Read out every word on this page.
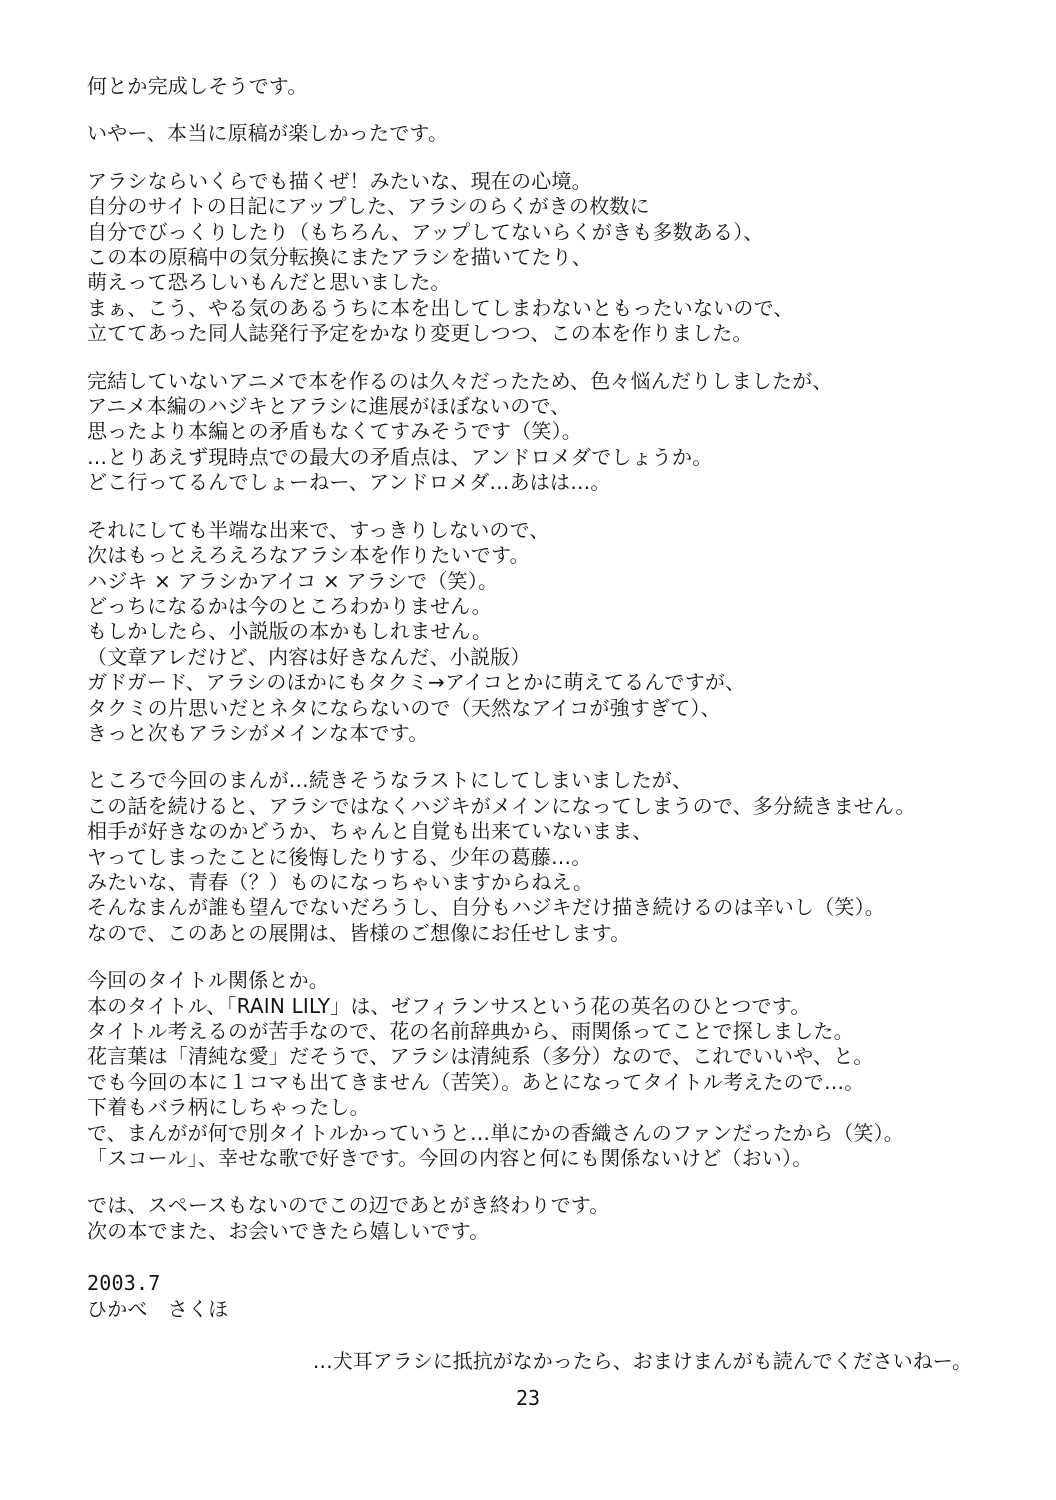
何とか完成しそうです。
いやー、本当に原稿が楽しかったです。
アラシならいくらでも描くぜ！みたいな、現在の心境。
自分のサイトの日記にアップした、アラシのらくがきの枚数に
自分でびっくりしたり（もちろん、アップしてないらくがきも多数ある）、
この本の原稿中の気分転換にまたアラシを描いてたり、
萌えって恐ろしいもんだと思いました。
まぁ、こう、やる気のあるうちに本を出してしまわないともったいないので、
立ててあった同人誌発行予定をかなり変更しつつ、この本を作りました。
完結していないアニメで本を作るのは久々だったため、色々悩んだりしましたが、
アニメ本編のハジキとアラシに進展がほぼないので、
思ったより本編との矛盾もなくてすみそうです（笑）。
…とりあえず現時点での最大の矛盾点は、アンドロメダでしょうか。
どこ行ってるんでしょーねー、アンドロメダ…あはは…。
それにしても半端な出来で、すっきりしないので、
次はもっとえろえろなアラシ本を作りたいです。
ハジキ × アラシかアイコ × アラシで（笑）。
どっちになるかは今のところわかりません。
もしかしたら、小説版の本かもしれません。
（文章アレだけど、内容は好きなんだ、小説版）
ガドガード、アラシのほかにもタクミ→アイコとかに萌えてるんですが、
タクミの片思いだとネタにならないので（天然なアイコが強すぎて）、
きっと次もアラシがメインな本です。
ところで今回のまんが…続きそうなラストにしてしまいましたが、
この話を続けると、アラシではなくハジキがメインになってしまうので、多分続きません。
相手が好きなのかどうか、ちゃんと自覚も出来ていないまま、
ヤってしまったことに後悔したりする、少年の葛藤…。
みたいな、青春（？）ものになっちゃいますからねえ。
そんなまんが誰も望んでないだろうし、自分もハジキだけ描き続けるのは辛いし（笑）。
なので、このあとの展開は、皆様のご想像にお任せします。
今回のタイトル関係とか。
本のタイトル、「RAIN LILY」は、ゼフィランサスという花の英名のひとつです。
タイトル考えるのが苦手なので、花の名前辞典から、雨関係ってことで探しました。
花言葉は「清純な愛」だそうで、アラシは清純系（多分）なので、これでいいや、と。
でも今回の本に１コマも出てきません（苦笑）。あとになってタイトル考えたので…。
下着もバラ柄にしちゃったし。
で、まんがが何で別タイトルかっていうと…単にかの香織さんのファンだったから（笑）。
「スコール」、幸せな歌で好きです。今回の内容と何にも関係ないけど（おい）。
では、スペースもないのでこの辺であとがき終わりです。
次の本でまた、お会いできたら嬉しいです。
2003.7
ひかべ　さくほ
…犬耳アラシに抵抗がなかったら、おまけまんがも読んでくださいねー。
23
